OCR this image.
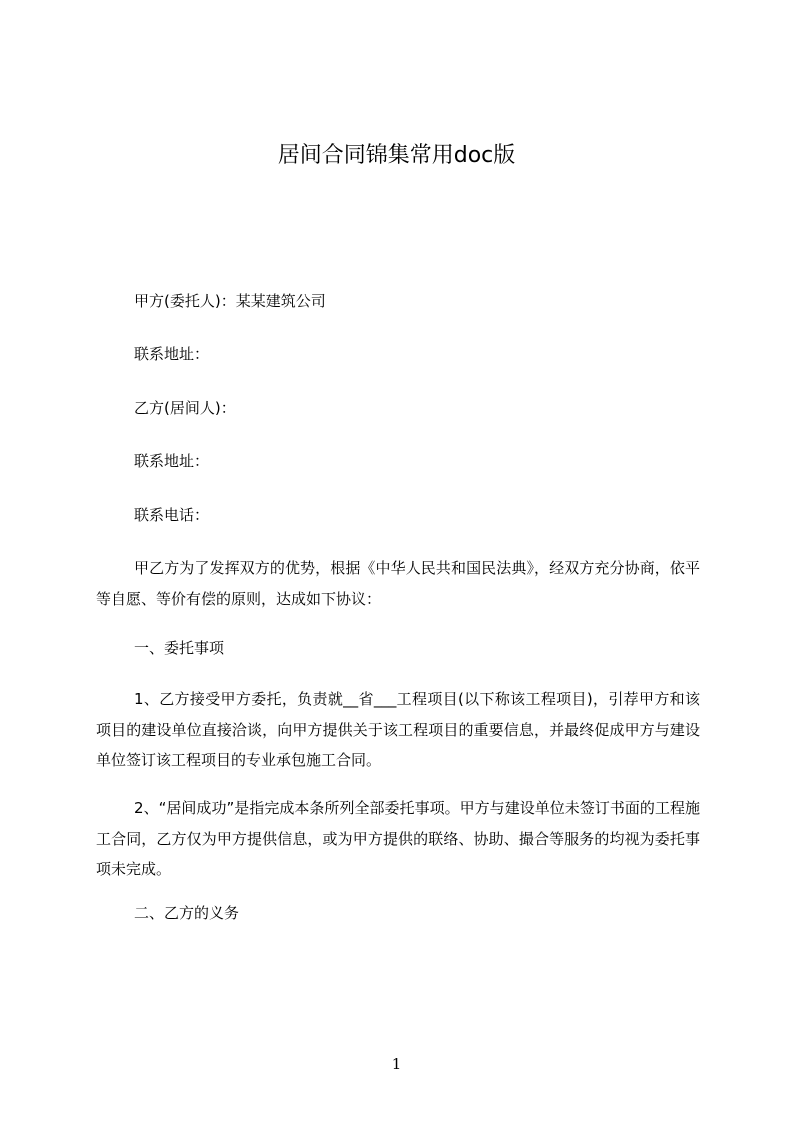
居间合同锦集常用doc版
甲方(委托人)：某某建筑公司
联系地址：
乙方(居间人)：
联系地址：
联系电话：
甲乙方为了发挥双方的优势，根据《中华人民共和国民法典》，经双方充分协商，依平等自愿、等价有偿的原则，达成如下协议：
一、委托事项
1、乙方接受甲方委托，负责就__省___工程项目(以下称该工程项目)，引荐甲方和该项目的建设单位直接洽谈，向甲方提供关于该工程项目的重要信息，并最终促成甲方与建设单位签订该工程项目的专业承包施工合同。
2、“居间成功”是指完成本条所列全部委托事项。甲方与建设单位未签订书面的工程施工合同，乙方仅为甲方提供信息，或为甲方提供的联络、协助、撮合等服务的均视为委托事项未完成。
二、乙方的义务
1
